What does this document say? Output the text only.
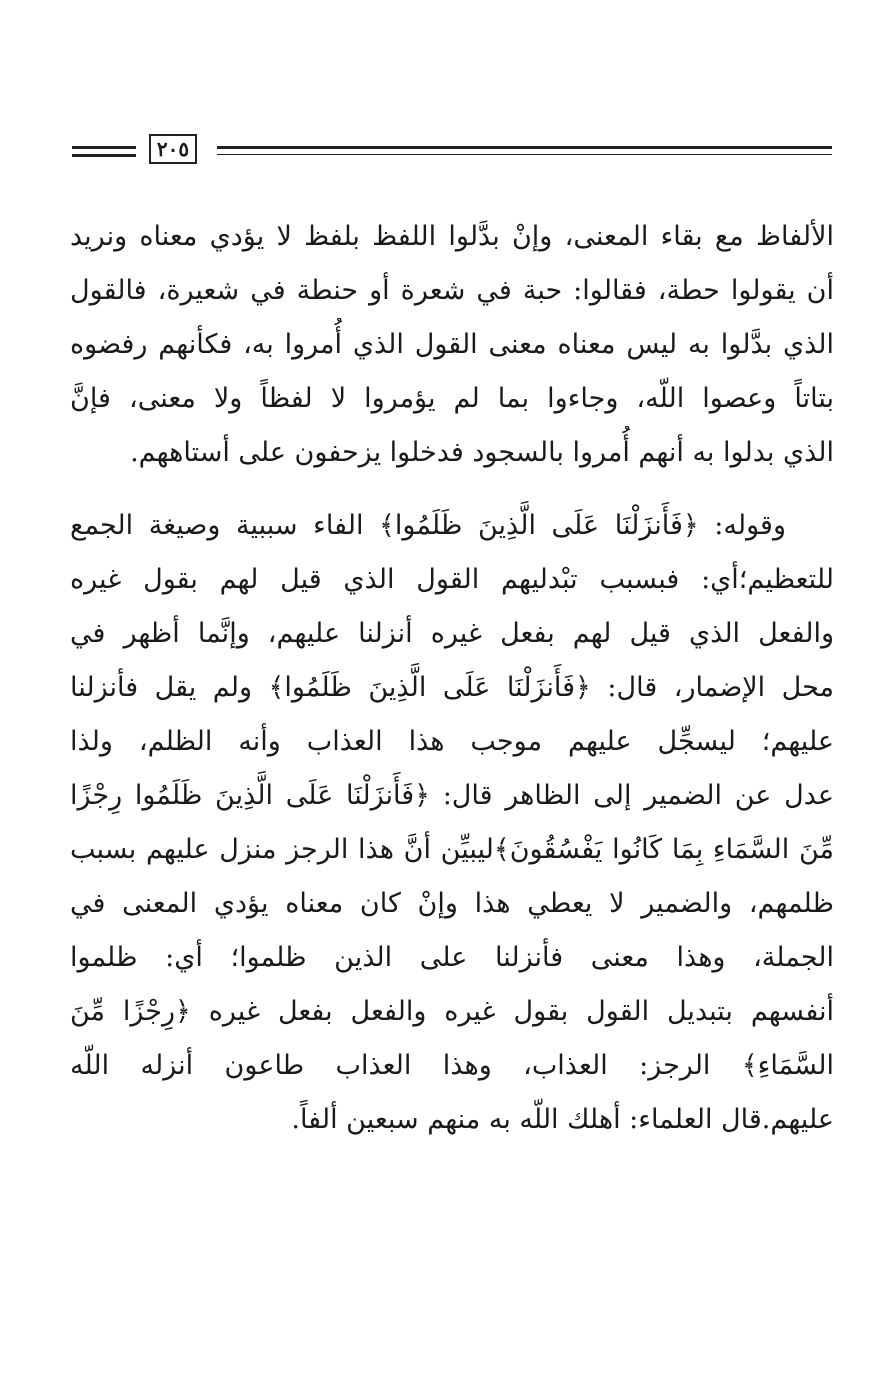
٢٠٥
الألفاظ مع بقاء المعنى، وإنْ بدَّلوا اللفظ بلفظ لا يؤدي معناه ونريد
أن يقولوا حطة، فقالوا: حبة في شعرة أو حنطة في شعيرة، فالقول
الذي بدَّلوا به ليس معناه معنى القول الذي أُمروا به، فكأنهم رفضوه
بتاتاً وعصوا اللّه، وجاءوا بما لم يؤمروا لا لفظاً ولا معنى، فإنَّ
الذي بدلوا به أنهم أُمروا بالسجود فدخلوا يزحفون على أستاههم.
وقوله: ﴿فَأَنزَلْنَا عَلَى الَّذِينَ ظَلَمُوا﴾ الفاء سببية وصيغة الجمع
للتعظيم؛أي: فبسبب تبْدليهم القول الذي قيل لهم بقول غيره
والفعل الذي قيل لهم بفعل غيره أنزلنا عليهم، وإنَّما أظهر في
محل الإضمار، قال: ﴿فَأَنزَلْنَا عَلَى الَّذِينَ ظَلَمُوا﴾ ولم يقل فأنزلنا
عليهم؛ ليسجِّل عليهم موجب هذا العذاب وأنه الظلم، ولذا
عدل عن الضمير إلى الظاهر قال: ﴿فَأَنزَلْنَا عَلَى الَّذِينَ ظَلَمُوا رِجْزًا
مِّنَ السَّمَاءِ بِمَا كَانُوا يَفْسُقُونَ﴾ليبيِّن أنَّ هذا الرجز منزل عليهم بسبب
ظلمهم، والضمير لا يعطي هذا وإنْ كان معناه يؤدي المعنى في
الجملة، وهذا معنى فأنزلنا على الذين ظلموا؛ أي: ظلموا
أنفسهم بتبديل القول بقول غيره والفعل بفعل غيره ﴿رِجْزًا مِّنَ
السَّمَاءِ﴾ الرجز: العذاب، وهذا العذاب طاعون أنزله اللّه
عليهم.قال العلماء: أهلك اللّه به منهم سبعين ألفاً.
